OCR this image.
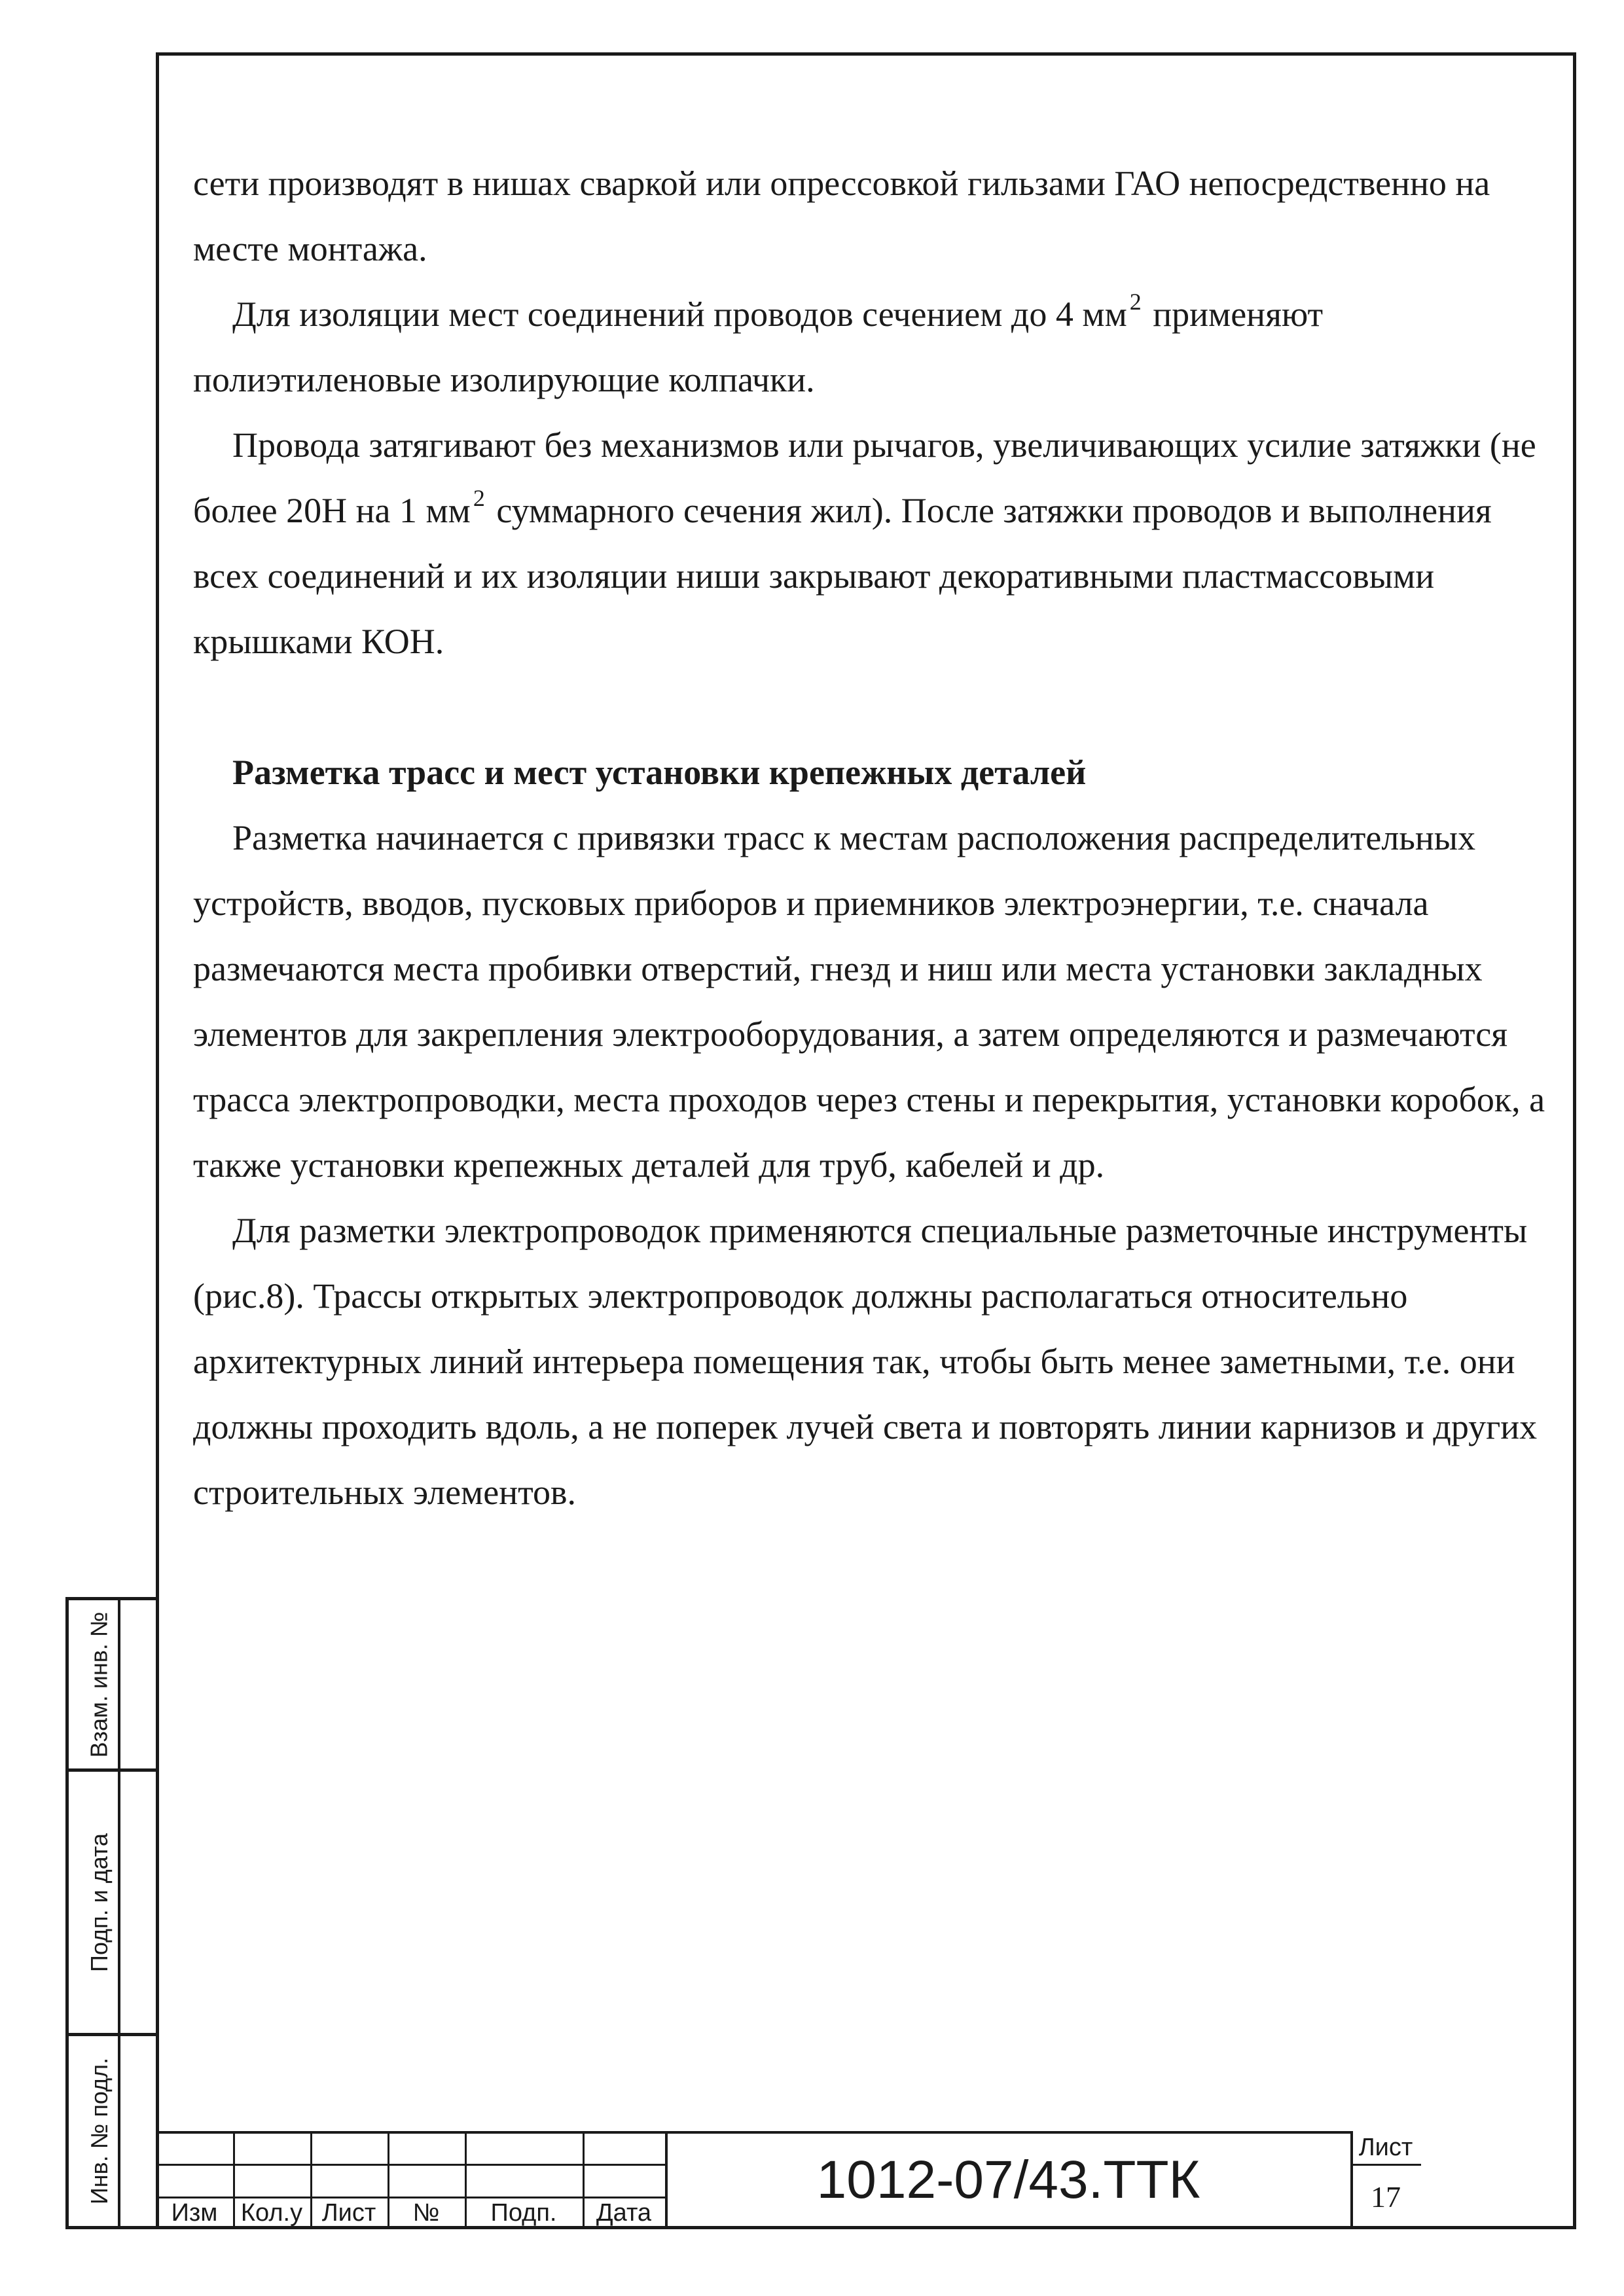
сети производят в нишах сваркой или опрессовкой гильзами ГАО непосредственно на месте монтажа.

Для изоляции мест соединений проводов сечением до 4 мм $^2$ применяют полиэтиленовые изолирующие колпачки.

Провода затягивают без механизмов или рычагов, увеличивающих усилие затяжки (не более 20Н на 1 мм $^2$ суммарного сечения жил). После затяжки проводов и выполнения всех соединений и их изоляции ниши закрывают декоративными пластмассовыми крышками КОН.

Разметка трасс и мест установки крепежных деталей

Разметка начинается с привязки трасс к местам расположения распределительных устройств, вводов, пусковых приборов и приемников электроэнергии, т.е. сначала размечаются места пробивки отверстий, гнезд и ниш или места установки закладных элементов для закрепления электрооборудования, а затем определяются и размечаются трасса электропроводки, места проходов через стены и перекрытия, установки коробок, а также установки крепежных деталей для труб, кабелей и др.

Для разметки электропроводок применяются специальные разметочные инструменты (рис.8). Трассы открытых электропроводок должны располагаться относительно архитектурных линий интерьера помещения так, чтобы быть менее заметными, т.е. они должны проходить вдоль, а не поперек лучей света и повторять линии карнизов и других строительных элементов.

Взам. инв. №
Подп. и дата
Инв. № подл.
Изм Кол.у Лист	№	Подп.	Дата
1012-07/43.ТТК
Лист
17
